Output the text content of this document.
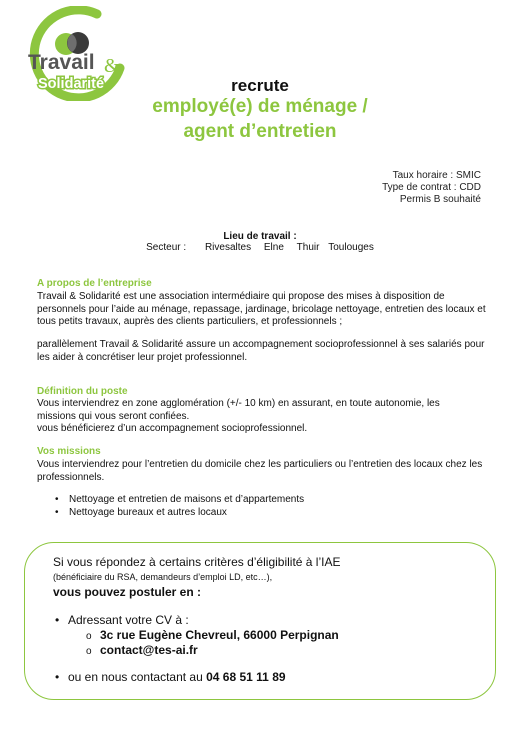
Travail &
Solidarité	recrute
employé(e) de ménage /
agent d’entretien
Taux horaire : SMIC
Type de contrat : CDD
Permis B souhaité
Lieu de travail :
Secteur : Rivesaltes Elne Thuir Toulouges
A propos de l’entreprise
Travail & Solidarité est une association intermédiaire qui propose des mises à disposition de personnels pour l’aide au ménage, repassage, jardinage, bricolage nettoyage, entretien des locaux et tous petits travaux, auprès des clients particuliers, et professionnels ;
parallèlement Travail & Solidarité assure un accompagnement socioprofessionnel à ses salariés pour les aider à concrétiser leur projet professionnel.
Définition du poste
Vous interviendrez en zone agglomération (+/- 10 km) en assurant, en toute autonomie, les
missions qui vous seront confiées.
vous bénéficierez d’un accompagnement socioprofessionnel.
Vos missions
Vous interviendrez pour l’entretien du domicile chez les particuliers ou l’entretien des locaux chez les professionnels.
• Nettoyage et entretien de maisons et d’appartements
• Nettoyage bureaux et autres locaux
Si vous répondez à certains critères d’éligibilité à l’IAE
(bénéficiaire du RSA, demandeurs d’emploi LD, etc…),
vous pouvez postuler en :
• Adressant votre CV à :
o 3c rue Eugène Chevreul, 66000 Perpignan
o contact@tes-ai.fr
• ou en nous contactant au 04 68 51 11 89
